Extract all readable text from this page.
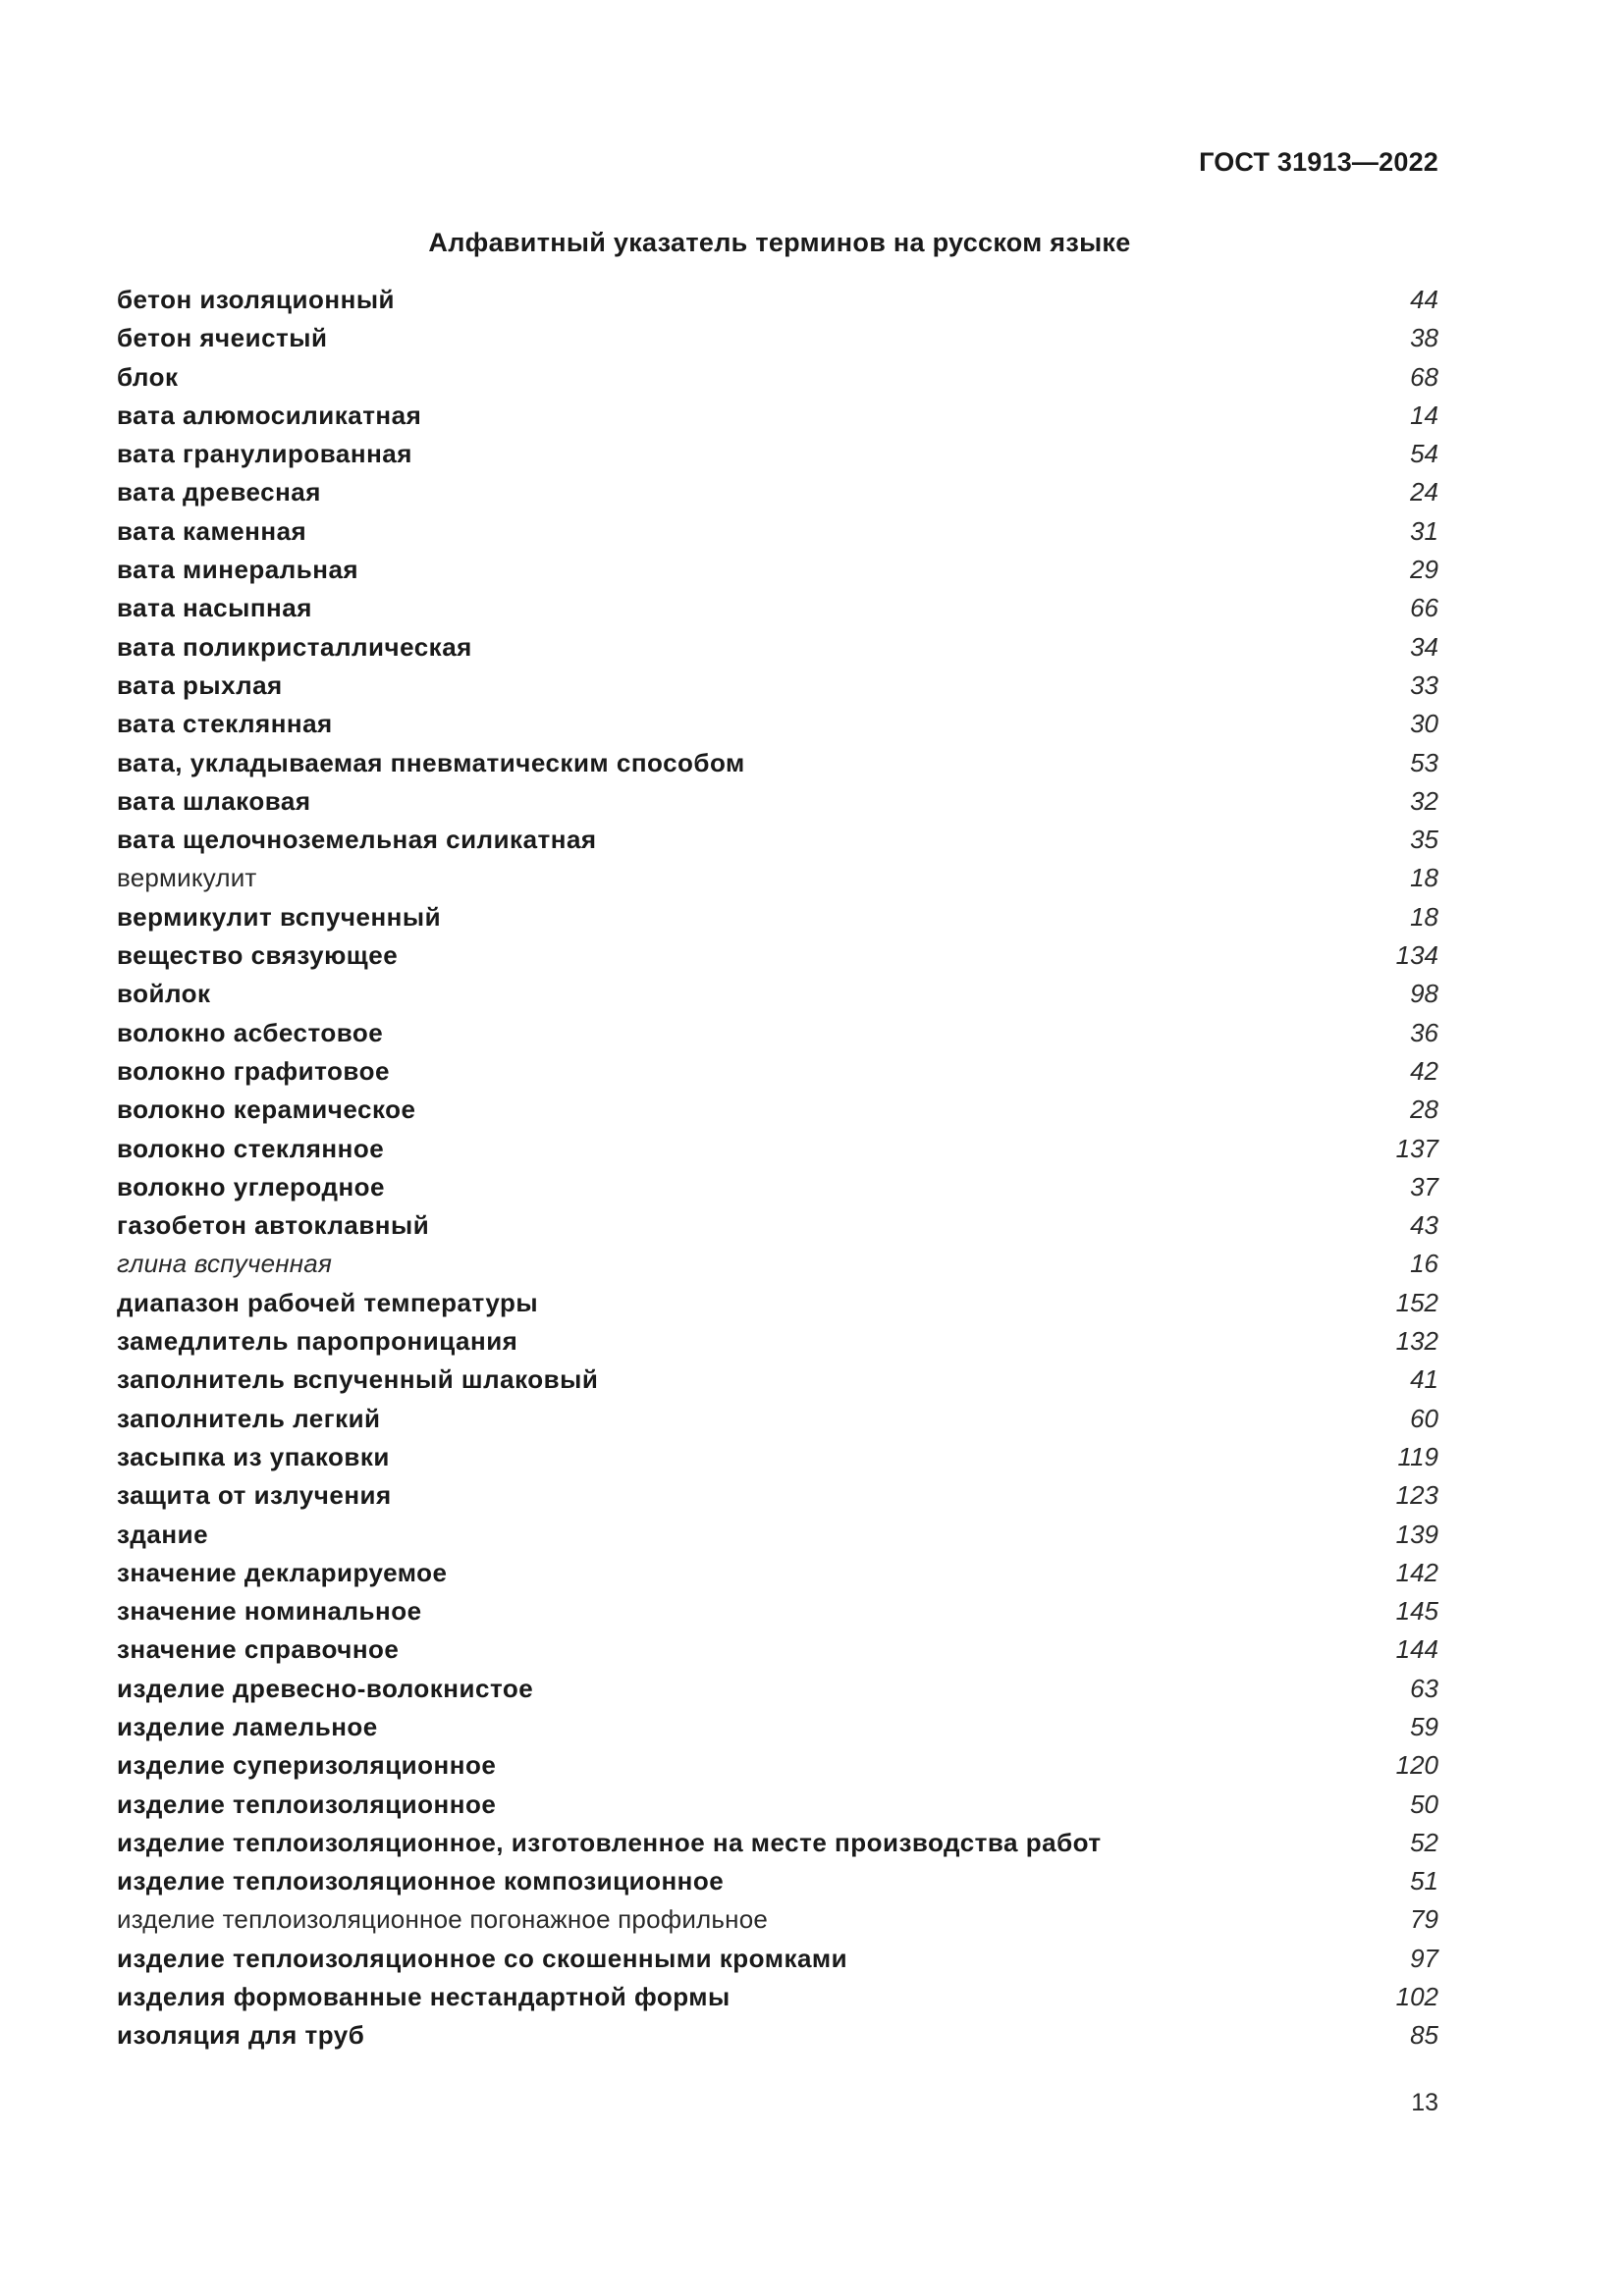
ГОСТ 31913—2022
Алфавитный указатель терминов на русском языке
бетон изоляционный	44
бетон ячеистый	38
блок	68
вата алюмосиликатная	14
вата гранулированная	54
вата древесная	24
вата каменная	31
вата минеральная	29
вата насыпная	66
вата поликристаллическая	34
вата рыхлая	33
вата стеклянная	30
вата, укладываемая пневматическим способом	53
вата шлаковая	32
вата щелочноземельная силикатная	35
вермикулит	18
вермикулит вспученный	18
вещество связующее	134
войлок	98
волокно асбестовое	36
волокно графитовое	42
волокно керамическое	28
волокно стеклянное	137
волокно углеродное	37
газобетон автоклавный	43
глина вспученная	16
диапазон рабочей температуры	152
замедлитель паропроницания	132
заполнитель вспученный шлаковый	41
заполнитель легкий	60
засыпка из упаковки	119
защита от излучения	123
здание	139
значение декларируемое	142
значение номинальное	145
значение справочное	144
изделие древесно-волокнистое	63
изделие ламельное	59
изделие суперизоляционное	120
изделие теплоизоляционное	50
изделие теплоизоляционное, изготовленное на месте производства работ	52
изделие теплоизоляционное композиционное	51
изделие теплоизоляционное погонажное профильное	79
изделие теплоизоляционное со скошенными кромками	97
изделия формованные нестандартной формы	102
изоляция для труб	85
13
